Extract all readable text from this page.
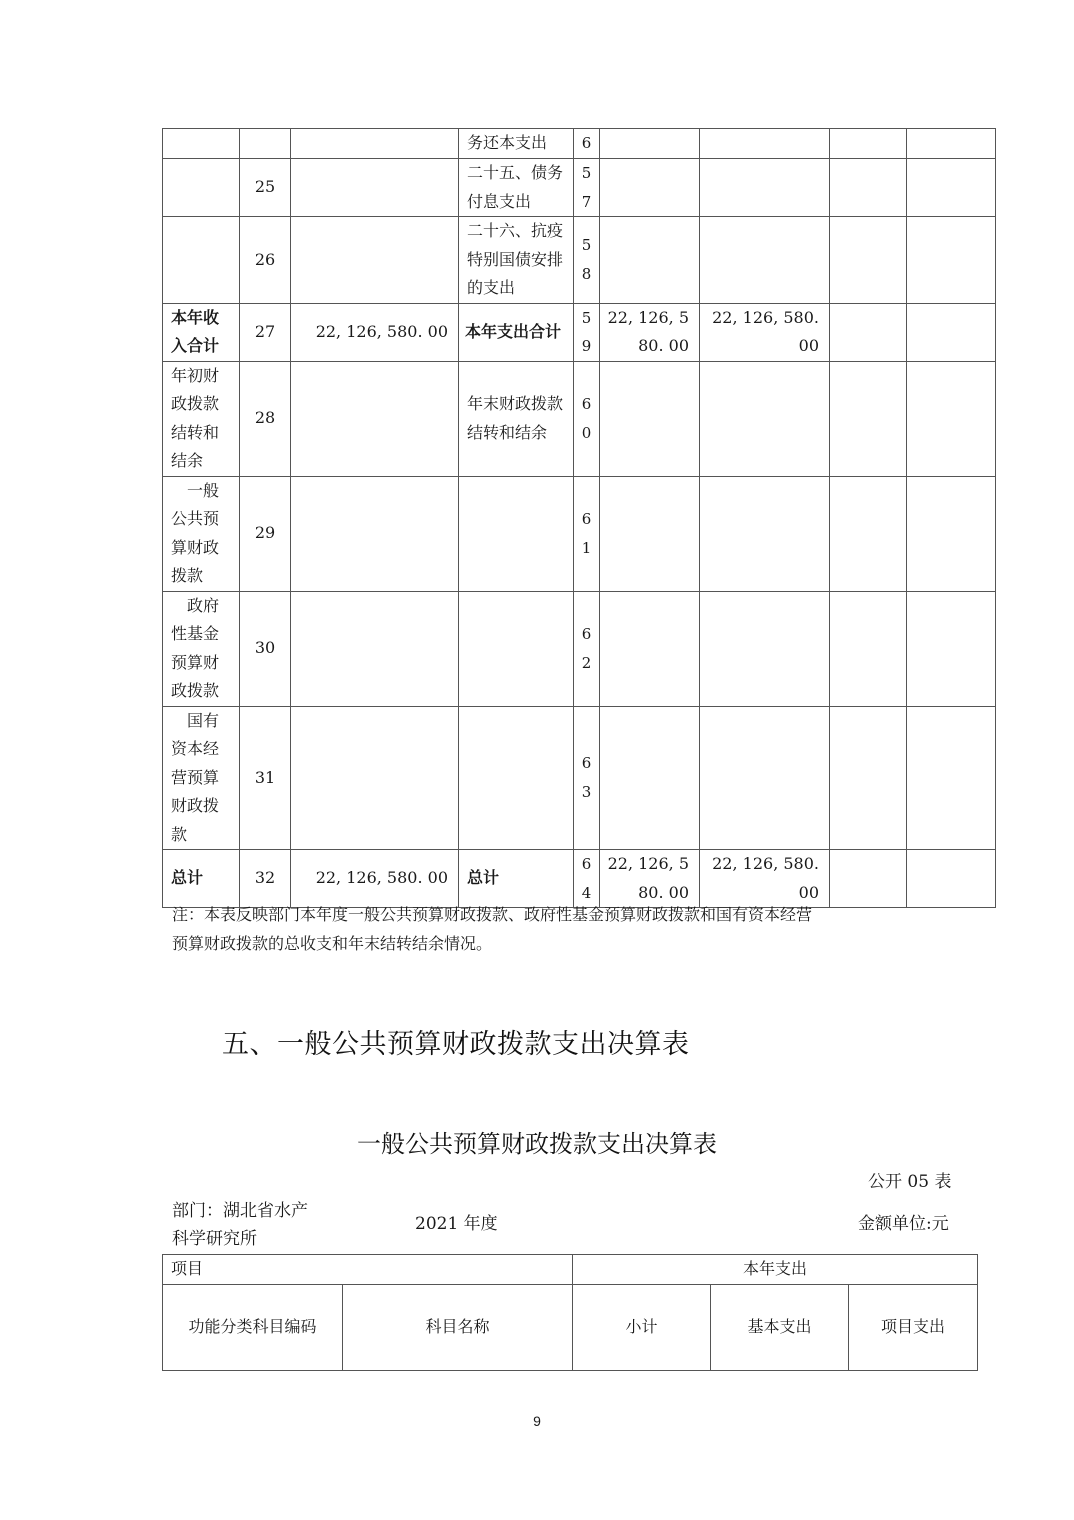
			务还本支出	6				
	25		二十五、债务付息支出	57				
	26		二十六、抗疫特别国债安排的支出	58				
本年收入合计	27	22, 126, 580. 00	本年支出合计	59	22, 126, 580. 00	22, 126, 580. 00		
年初财政拨款结转和结余	28		年末财政拨款结转和结余	60				
　一般公共预算财政拨款	29			61				
　政府性基金预算财政拨款	30			62				
　国有资本经营预算财政拨款	31			63				
总计	32	22, 126, 580. 00	总计	64	22, 126, 580. 00	22, 126, 580. 00		
注：本表反映部门本年度一般公共预算财政拨款、政府性基金预算财政拨款和国有资本经营
预算财政拨款的总收支和年末结转结余情况。
五、一般公共预算财政拨款支出决算表
一般公共预算财政拨款支出决算表
公开 05 表
部门：湖北省水产
科学研究所
2021 年度	金额单位:元
项目		本年支出		
功能分类科目编码	科目名称	小计	基本支出	项目支出
9
